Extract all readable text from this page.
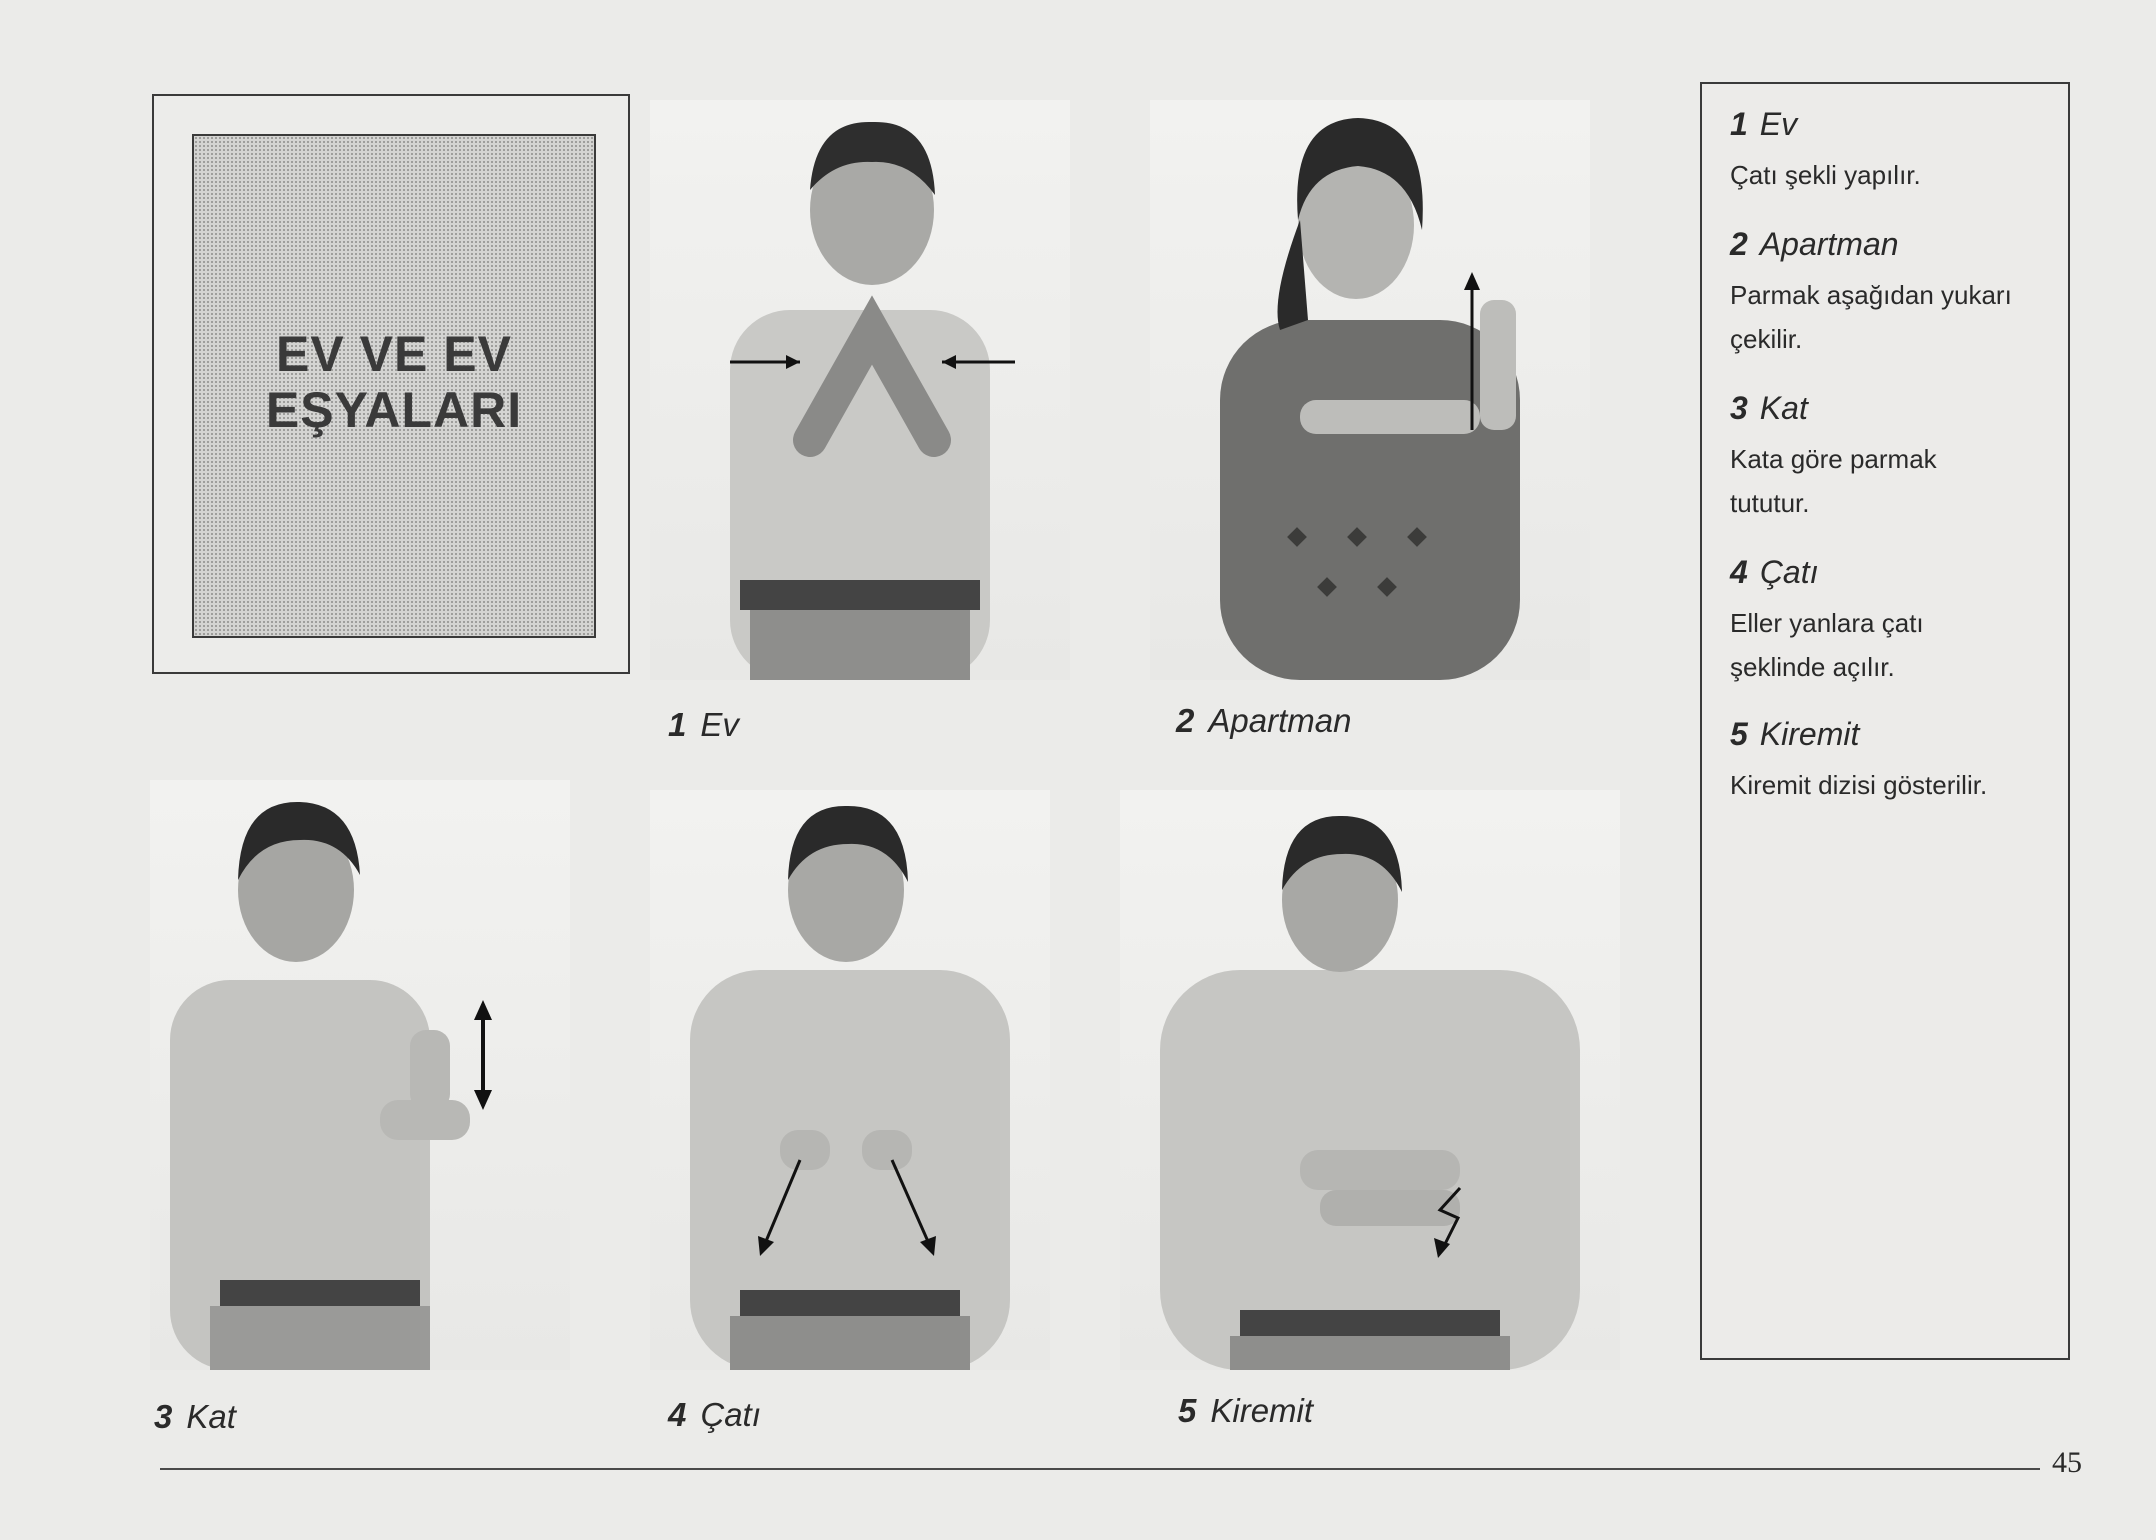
EV VE EV
EŞYALARI
1 Ev	2 Apartman
3 Kat	4 Çatı	5 Kiremit
1 Ev
Çatı şekli yapılır.
2 Apartman
Parmak aşağıdan yukarı çekilir.
3 Kat
Kata göre parmak tututur.
4 Çatı
Eller yanlara çatı şeklinde açılır.
5 Kiremit
Kiremit dizisi gösterilir.
45
